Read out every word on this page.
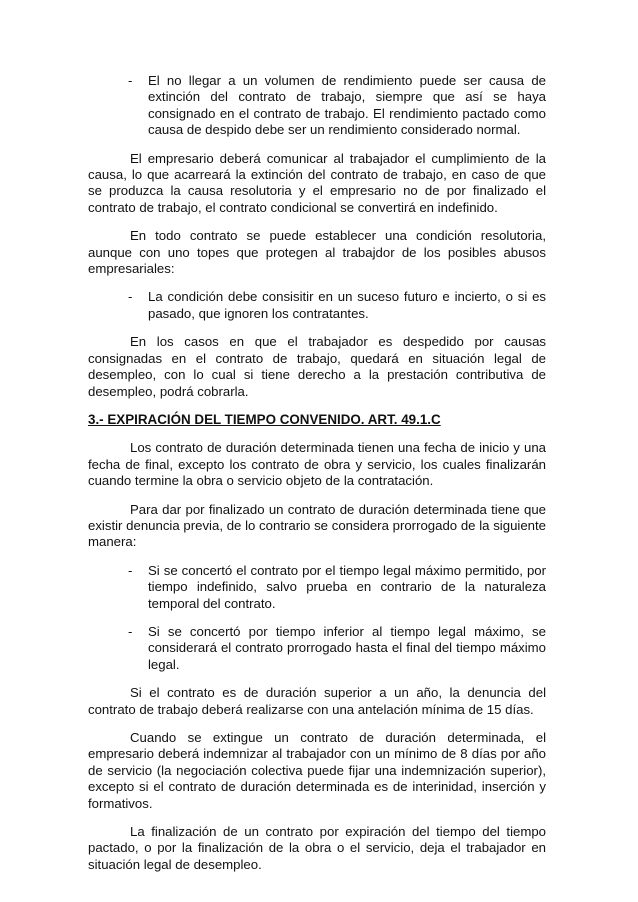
- El no llegar a un volumen de rendimiento puede ser causa de extinción del contrato de trabajo, siempre que así se haya consignado en el contrato de trabajo. El rendimiento pactado como causa de despido debe ser un rendimiento considerado normal.

El empresario deberá comunicar al trabajador el cumplimiento de la causa, lo que acarreará la extinción del contrato de trabajo, en caso de que se produzca la causa resolutoria y el empresario no de por finalizado el contrato de trabajo, el contrato condicional se convertirá en indefinido.

En todo contrato se puede establecer una condición resolutoria, aunque con uno topes que protegen al trabajdor de los posibles abusos empresariales:

- La condición debe consisitir en un suceso futuro e incierto, o si es pasado, que ignoren los contratantes.

En los casos en que el trabajador es despedido por causas consignadas en el contrato de trabajo, quedará en situación legal de desempleo, con lo cual si tiene derecho a la prestación contributiva de desempleo, podrá cobrarla.

3.- EXPIRACIÓN DEL TIEMPO CONVENIDO. ART. 49.1.C

Los contrato de duración determinada tienen una fecha de inicio y una fecha de final, excepto los contrato de obra y servicio, los cuales finalizarán cuando termine la obra o servicio objeto de la contratación.

Para dar por finalizado un contrato de duración determinada tiene que existir denuncia previa, de lo contrario se considera prorrogado de la siguiente manera:

- Si se concertó el contrato por el tiempo legal máximo permitido, por tiempo indefinido, salvo prueba en contrario de la naturaleza temporal del contrato.
- Si se concertó por tiempo inferior al tiempo legal máximo, se considerará el contrato prorrogado hasta el final del tiempo máximo legal.

Si el contrato es de duración superior a un año, la denuncia del contrato de trabajo deberá realizarse con una antelación mínima de 15 días.

Cuando se extingue un contrato de duración determinada, el empresario deberá indemnizar al trabajador con un mínimo de 8 días por año de servicio (la negociación colectiva puede fijar una indemnización superior), excepto si el contrato de duración determinada es de interinidad, inserción y formativos.

La finalización de un contrato por expiración del tiempo del tiempo pactado, o por la finalización de la obra o el servicio, deja el trabajador en situación legal de desempleo.
